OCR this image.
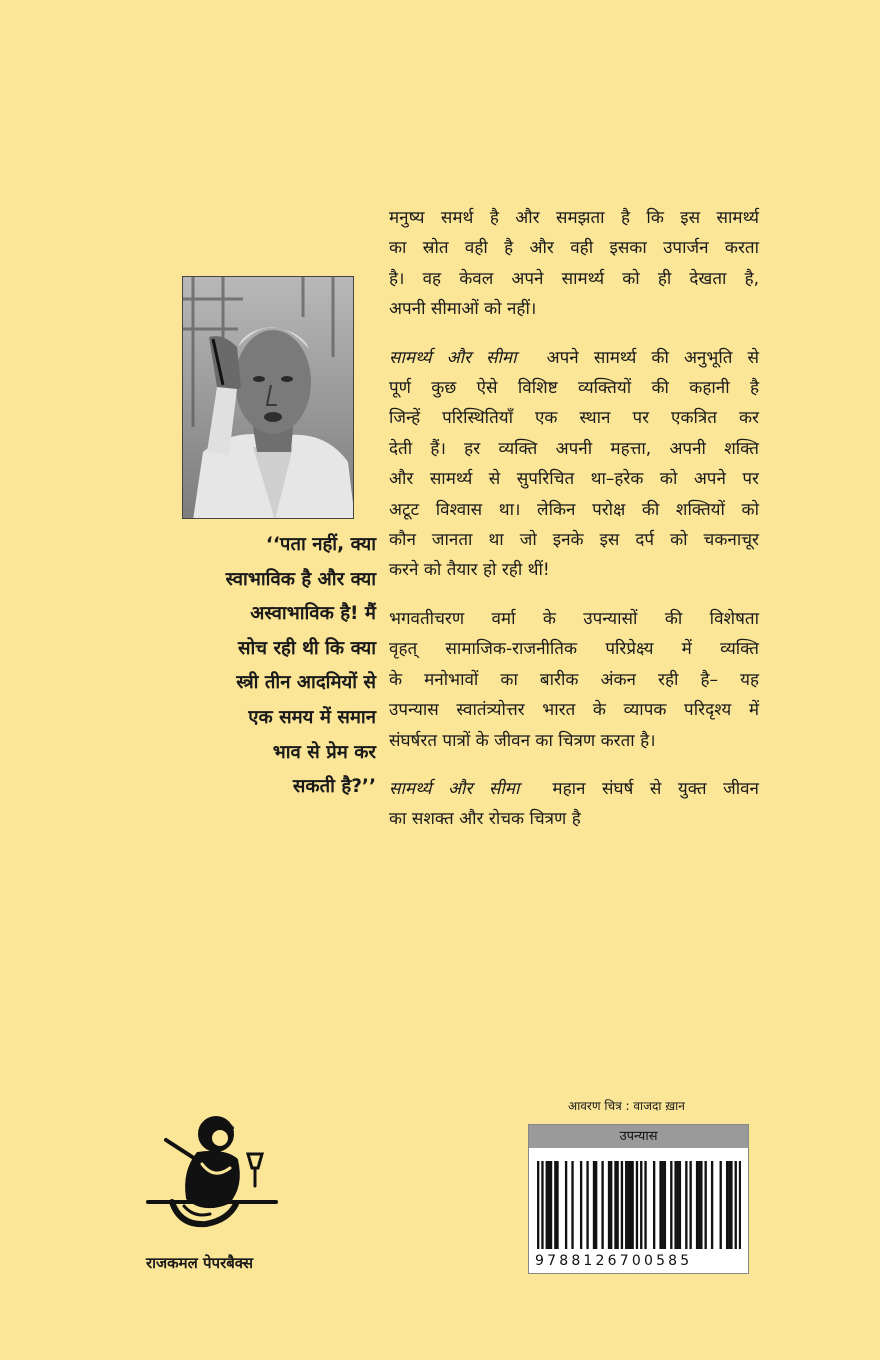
‘‘पता नहीं, क्या
स्वाभाविक है और क्या
अस्वाभाविक है! मैं
सोच रही थी कि क्या
स्त्री तीन आदमियों से
एक समय में समान
भाव से प्रेम कर
सकती है?’’

मनुष्य समर्थ है और समझता है कि इस सामर्थ्य
का स्रोत वही है और वही इसका उपार्जन करता
है। वह केवल अपने सामर्थ्य को ही देखता है,
अपनी सीमाओं को नहीं।

सामर्थ्य और सीमा अपने सामर्थ्य की अनुभूति से
पूर्ण कुछ ऐसे विशिष्ट व्यक्तियों की कहानी है
जिन्हें परिस्थितियाँ एक स्थान पर एकत्रित कर
देती हैं। हर व्यक्ति अपनी महत्ता, अपनी शक्ति
और सामर्थ्य से सुपरिचित था–हरेक को अपने पर
अटूट विश्वास था। लेकिन परोक्ष की शक्तियों को
कौन जानता था जो इनके इस दर्प को चकनाचूर
करने को तैयार हो रही थीं!

भगवतीचरण वर्मा के उपन्यासों की विशेषता
वृहत् सामाजिक-राजनीतिक परिप्रेक्ष्य में व्यक्ति
के मनोभावों का बारीक अंकन रही है– यह
उपन्यास स्वातंत्र्योत्तर भारत के व्यापक परिदृश्य में
संघर्षरत पात्रों के जीवन का चित्रण करता है।

सामर्थ्य और सीमा महान संघर्ष से युक्त जीवन
का सशक्त और रोचक चित्रण है

राजकमल पेपरबैक्स
आवरण चित्र : वाजदा ख़ान
उपन्यास
9788126700585
